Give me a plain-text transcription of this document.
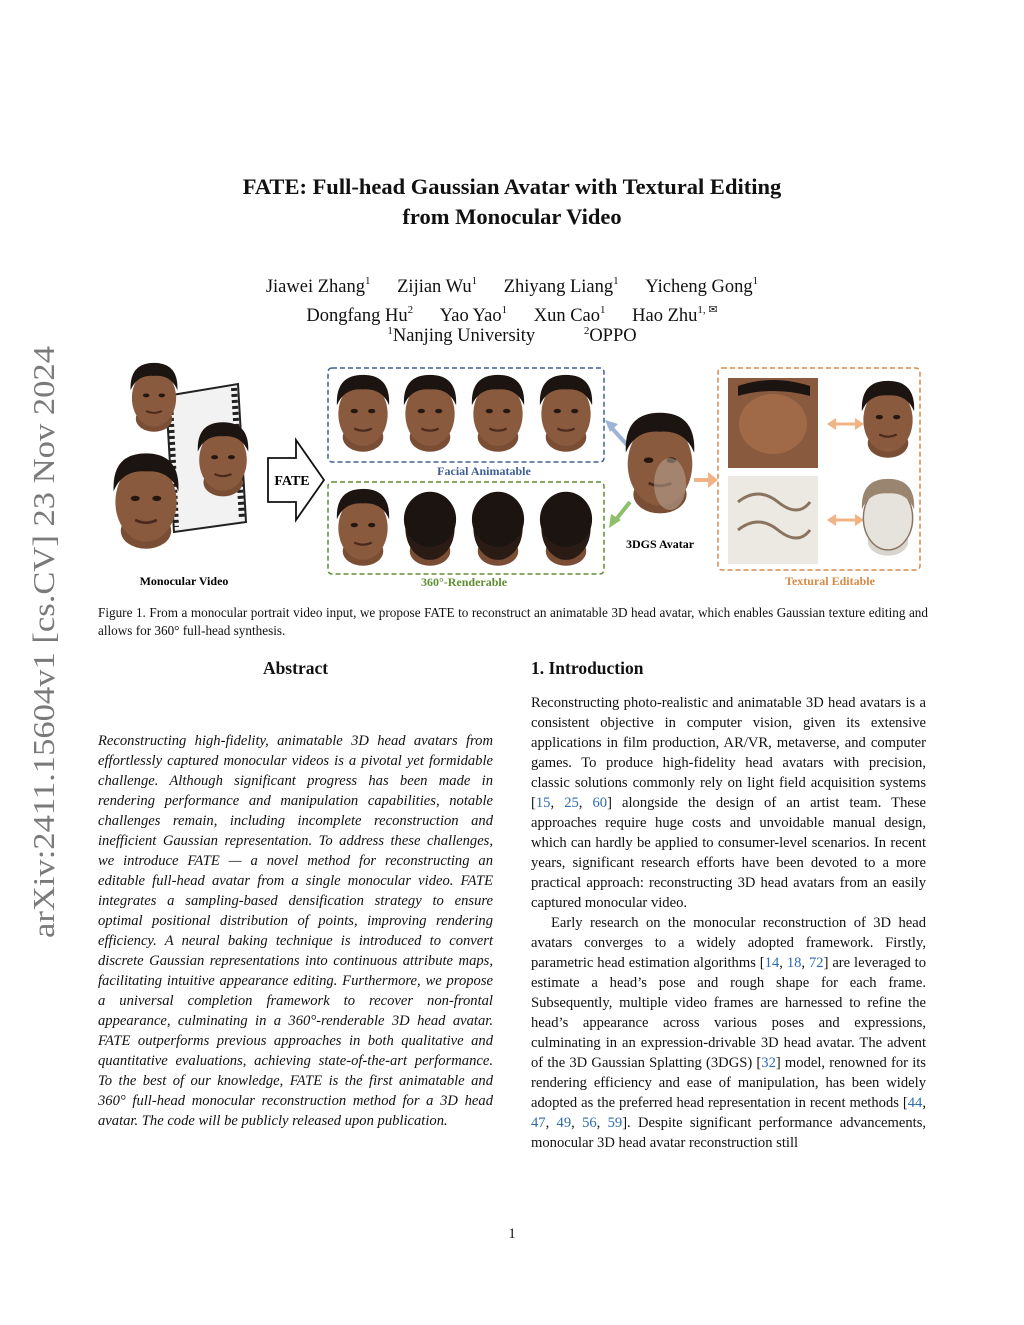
arXiv:2411.15604v1 [cs.CV] 23 Nov 2024
FATE: Full-head Gaussian Avatar with Textural Editing
from Monocular Video
Jiawei Zhang$^1$ Zijian Wu$^1$ Zhiyang Liang$^1$ Yicheng Gong$^1$
Dongfang Hu$^2$ Yao Yao$^1$ Xun Cao$^1$ Hao Zhu$^{1, ✉}$
$^1$Nanjing University	$^2$OPPO
Monocular Video
FATE
Facial Animatable
360°-Renderable
3DGS Avatar
Textural Editable
Figure 1. From a monocular portrait video input, we propose FATE to reconstruct an animatable 3D head avatar, which enables Gaussian texture editing and allows for 360° full-head synthesis.
Abstract
Reconstructing high-fidelity, animatable 3D head avatars from effortlessly captured monocular videos is a pivotal yet formidable challenge. Although significant progress has been made in rendering performance and manipulation capabilities, notable challenges remain, including incomplete reconstruction and inefficient Gaussian representation. To address these challenges, we introduce FATE — a novel method for reconstructing an editable full-head avatar from a single monocular video. FATE integrates a sampling-based densification strategy to ensure optimal positional distribution of points, improving rendering efficiency. A neural baking technique is introduced to convert discrete Gaussian representations into continuous attribute maps, facilitating intuitive appearance editing. Furthermore, we propose a universal completion framework to recover non-frontal appearance, culminating in a 360°-renderable 3D head avatar. FATE outperforms previous approaches in both qualitative and quantitative evaluations, achieving state-of-the-art performance. To the best of our knowledge, FATE is the first animatable and 360° full-head monocular reconstruction method for a 3D head avatar. The code will be publicly released upon publication.
1. Introduction

Reconstructing photo-realistic and animatable 3D head avatars is a consistent objective in computer vision, given its extensive applications in film production, AR/VR, metaverse, and computer games. To produce high-fidelity head avatars with precision, classic solutions commonly rely on light field acquisition systems [15, 25, 60] alongside the design of an artist team. These approaches require huge costs and unvoidable manual design, which can hardly be applied to consumer-level scenarios. In recent years, significant research efforts have been devoted to a more practical approach: reconstructing 3D head avatars from an easily captured monocular video.

Early research on the monocular reconstruction of 3D head avatars converges to a widely adopted framework. Firstly, parametric head estimation algorithms [14, 18, 72] are leveraged to estimate a head’s pose and rough shape for each frame. Subsequently, multiple video frames are harnessed to refine the head’s appearance across various poses and expressions, culminating in an expression-drivable 3D head avatar. The advent of the 3D Gaussian Splatting (3DGS) [32] model, renowned for its rendering efficiency and ease of manipulation, has been widely adopted as the preferred head representation in recent methods [44, 47, 49, 56, 59]. Despite significant performance advancements, monocular 3D head avatar reconstruction still

1
